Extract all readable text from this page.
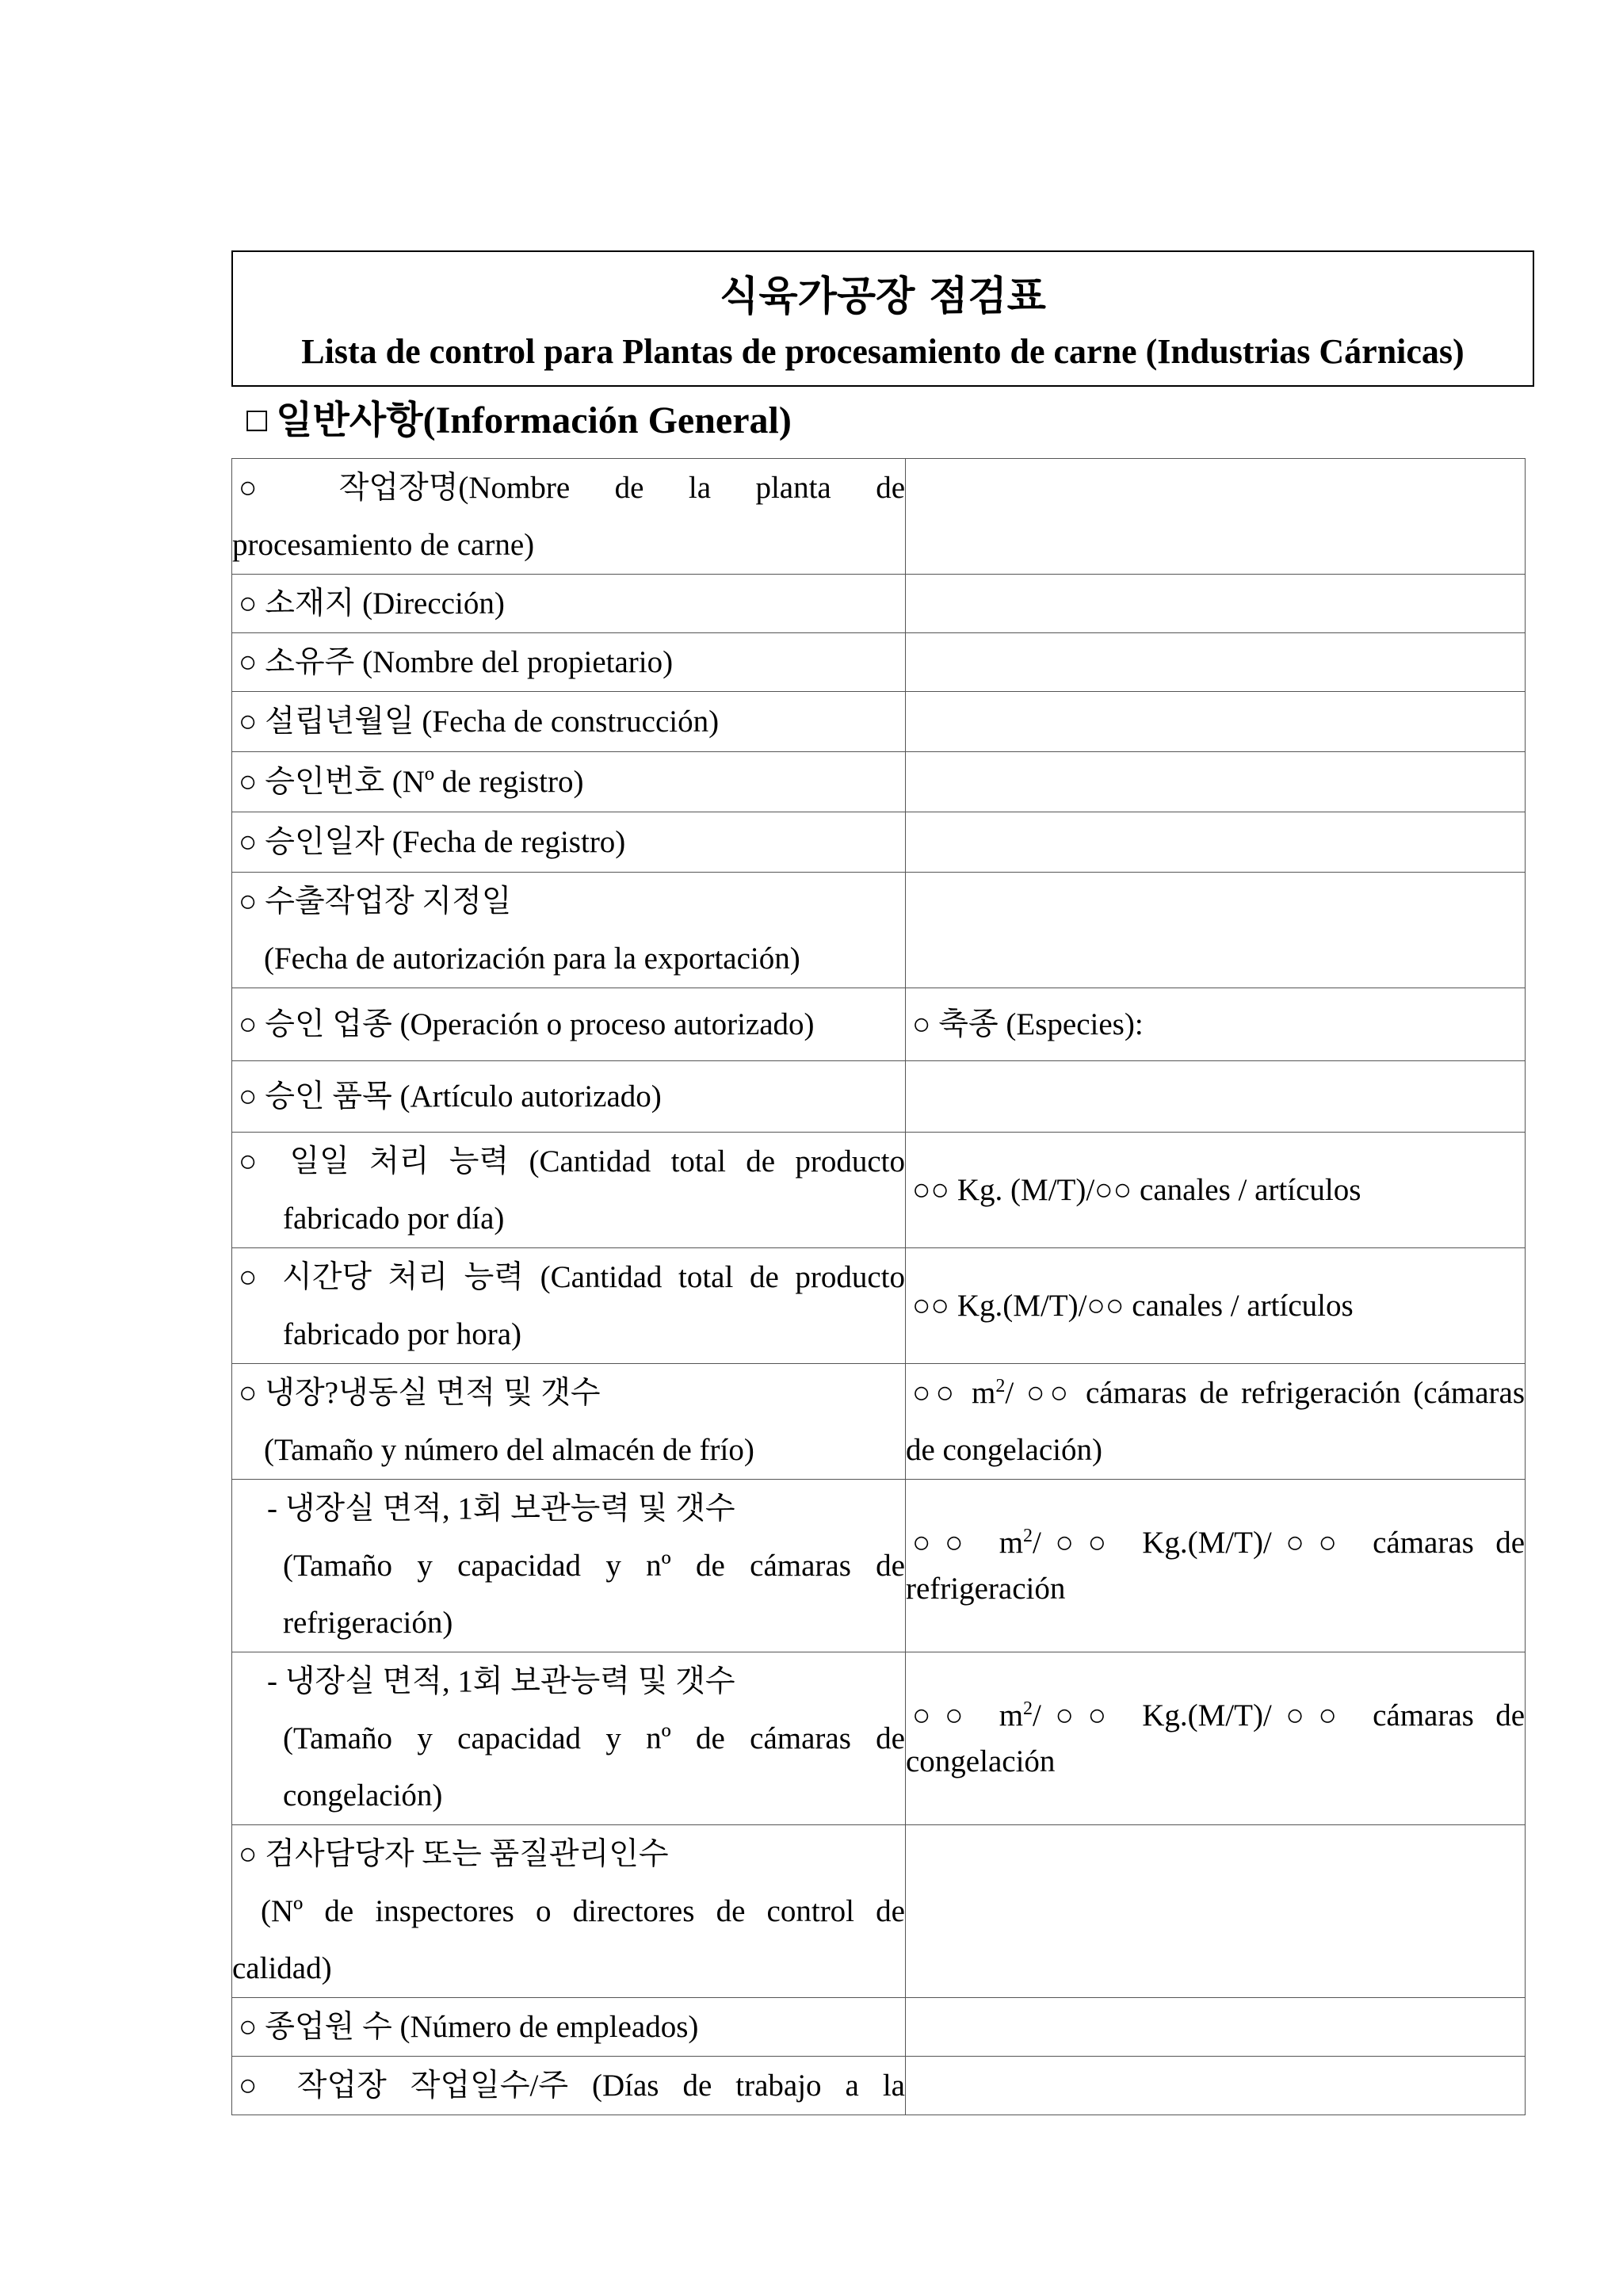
식육가공장 점검표
Lista de control para Plantas de procesamiento de carne (Industrias Cárnicas)
□ 일반사항(Información General)
○ 작업장명(Nombre de la planta de
procesamiento de carne)	

○ 소재지 (Dirección)	
○ 소유주 (Nombre del propietario)	
○ 설립년월일 (Fecha de construcción)	
○ 승인번호 (Nº de registro)	
○ 승인일자 (Fecha de registro)	

○ 수출작업장 지정일
(Fecha de autorización para la exportación)	

○ 승인 업종 (Operación o proceso autorizado)	○ 축종 (Especies):
○ 승인 품목 (Artículo autorizado)	

○ 일일 처리 능력 (Cantidad total de producto
fabricado por día)	○○ Kg. (M/T)/○○ canales / artículos

○ 시간당 처리 능력 (Cantidad total de producto
fabricado por hora)	○○ Kg.(M/T)/○○ canales / artículos

○ 냉장?냉동실 면적 및 갯수
(Tamaño y número del almacén de frío)	○○ $m^2/$ ○○ cámaras de refrigeración (cámaras
de congelación)

- 냉장실 면적, 1회 보관능력 및 갯수
(Tamaño y capacidad y nº de cámaras de
refrigeración)	○○ $m^2/○○$ Kg.(M/T)/○○ cámaras de
refrigeración

- 냉장실 면적, 1회 보관능력 및 갯수
(Tamaño y capacidad y nº de cámaras de
congelación)	○○ $m^2/○○$ Kg.(M/T)/○○ cámaras de
congelación

○ 검사담당자 또는 품질관리인수
(Nº de inspectores o directores de control de
calidad)	

○ 종업원 수 (Número de empleados)	

○ 작업장 작업일수/주 (Días de trabajo a la	
